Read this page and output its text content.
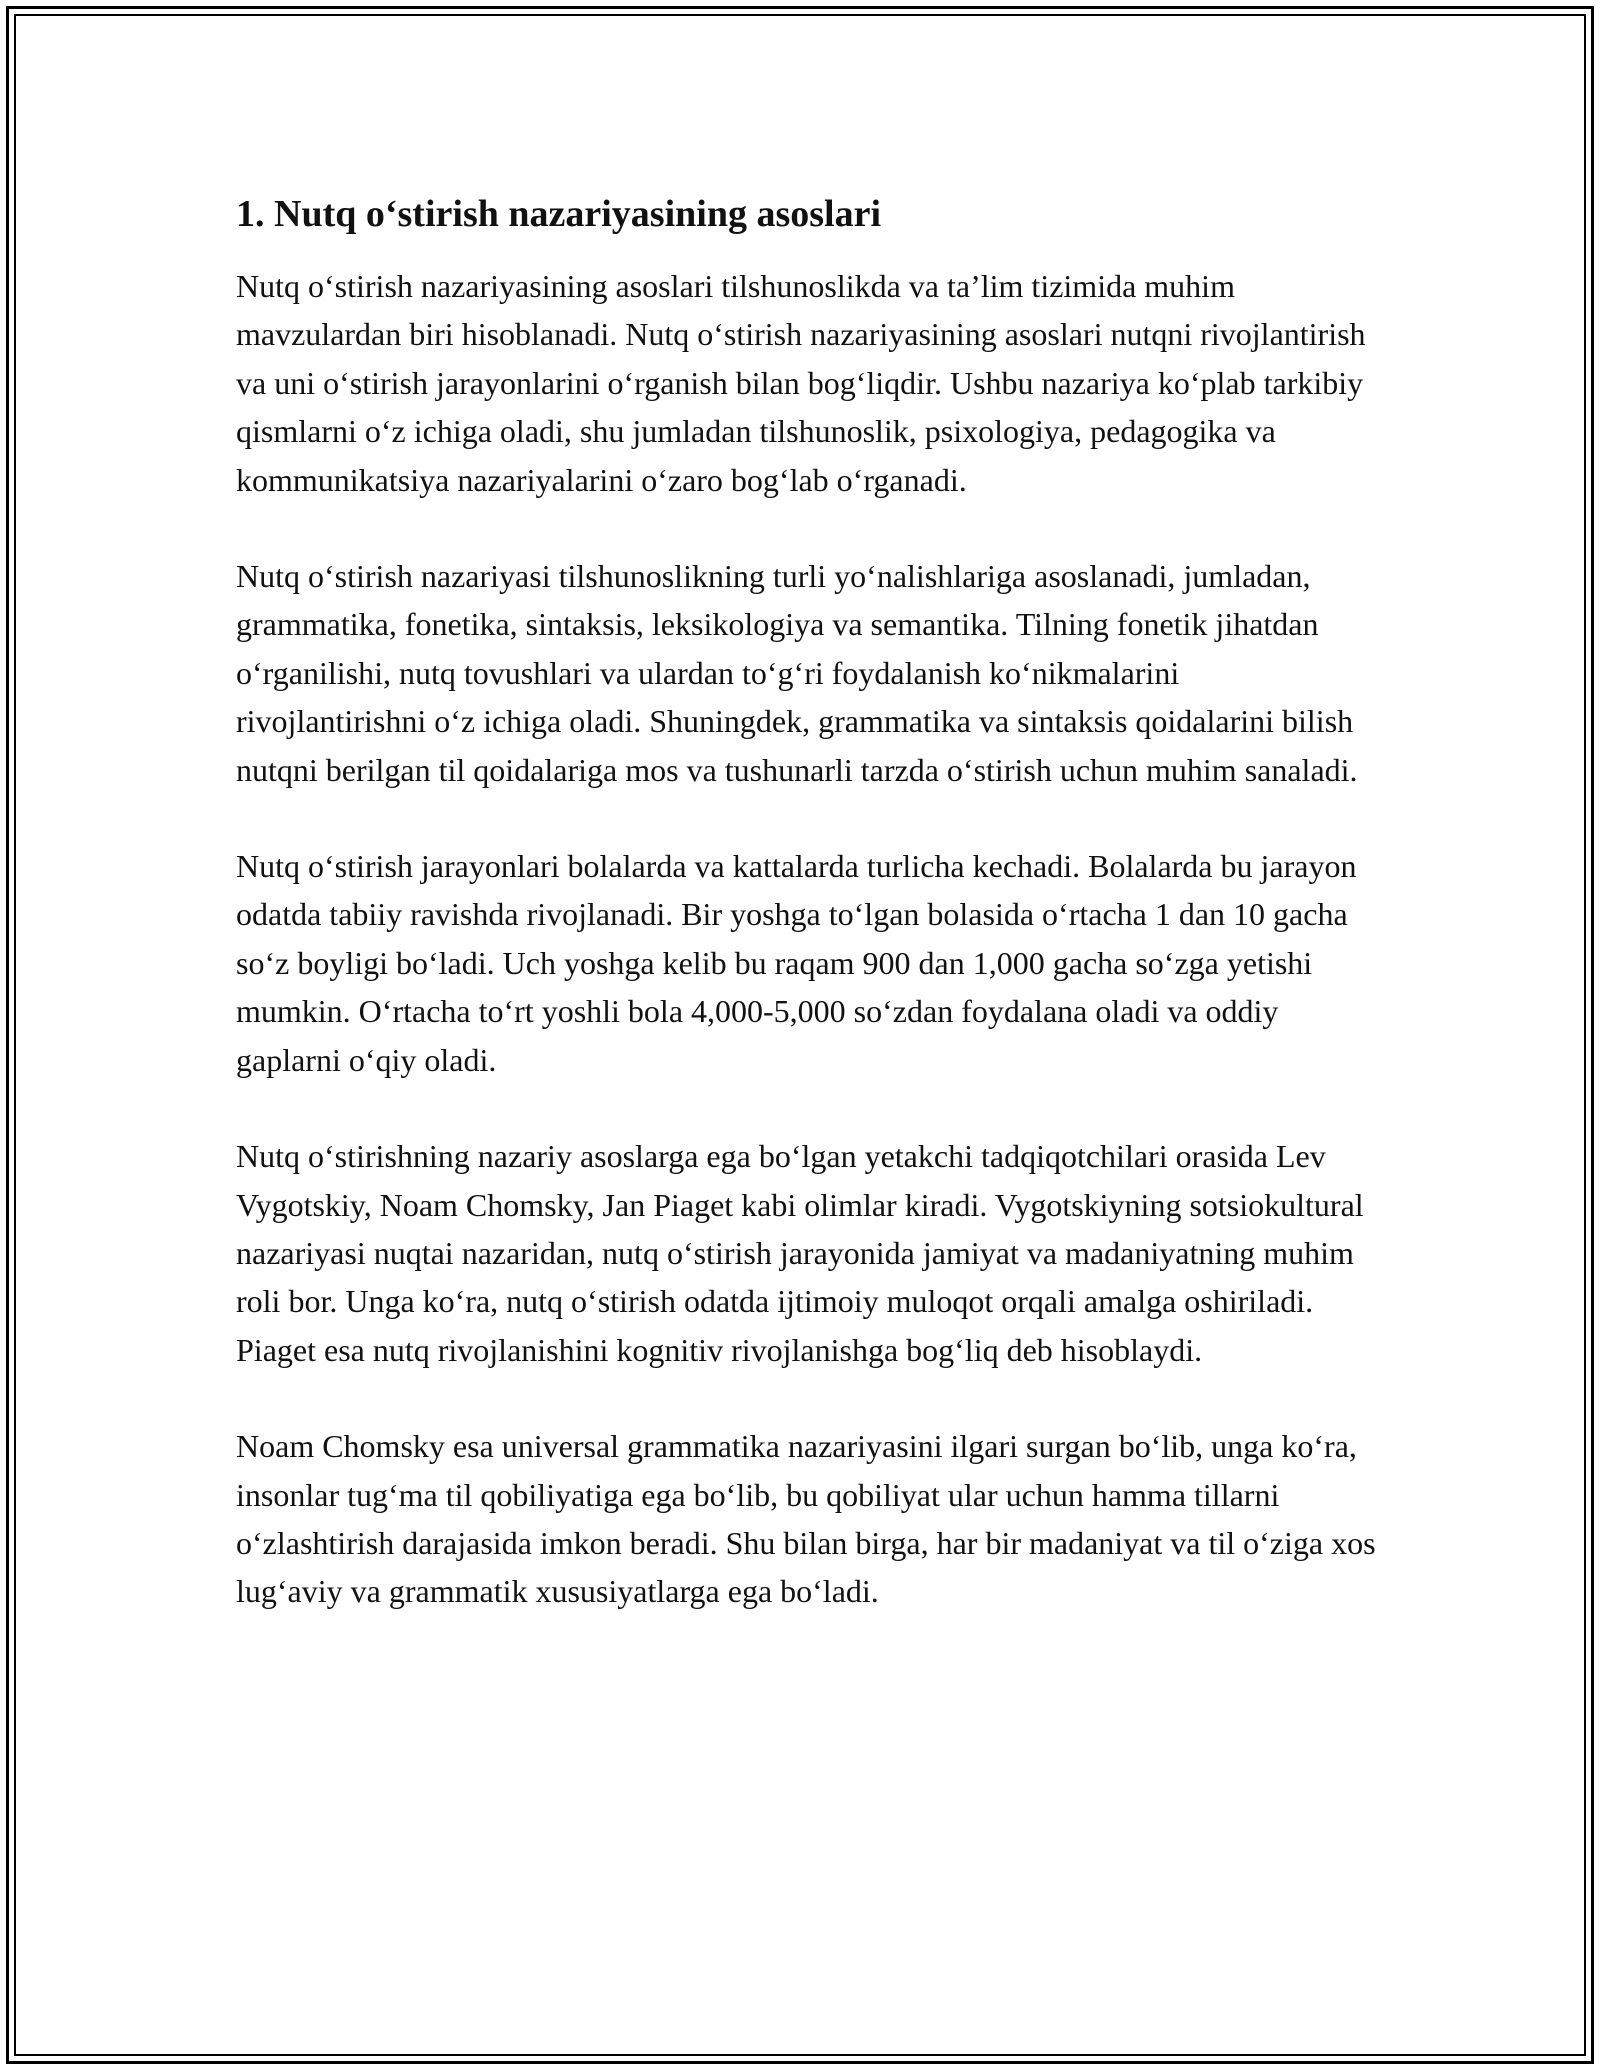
1. Nutq o‘stirish nazariyasining asoslari

Nutq o‘stirish nazariyasining asoslari tilshunoslikda va ta’lim tizimida muhim mavzulardan biri hisoblanadi. Nutq o‘stirish nazariyasining asoslari nutqni rivojlantirish va uni o‘stirish jarayonlarini o‘rganish bilan bog‘liqdir. Ushbu nazariya ko‘plab tarkibiy qismlarni o‘z ichiga oladi, shu jumladan tilshunoslik, psixologiya, pedagogika va kommunikatsiya nazariyalarini o‘zaro bog‘lab o‘rganadi.

Nutq o‘stirish nazariyasi tilshunoslikning turli yo‘nalishlariga asoslanadi, jumladan, grammatika, fonetika, sintaksis, leksikologiya va semantika. Tilning fonetik jihatdan o‘rganilishi, nutq tovushlari va ulardan to‘g‘ri foydalanish ko‘nikmalarini rivojlantirishni o‘z ichiga oladi. Shuningdek, grammatika va sintaksis qoidalarini bilish nutqni berilgan til qoidalariga mos va tushunarli tarzda o‘stirish uchun muhim sanaladi.

Nutq o‘stirish jarayonlari bolalarda va kattalarda turlicha kechadi. Bolalarda bu jarayon odatda tabiiy ravishda rivojlanadi. Bir yoshga to‘lgan bolasida o‘rtacha 1 dan 10 gacha so‘z boyligi bo‘ladi. Uch yoshga kelib bu raqam 900 dan 1,000 gacha so‘zga yetishi mumkin. O‘rtacha to‘rt yoshli bola 4,000-5,000 so‘zdan foydalana oladi va oddiy gaplarni o‘qiy oladi.

Nutq o‘stirishning nazariy asoslarga ega bo‘lgan yetakchi tadqiqotchilari orasida Lev Vygotskiy, Noam Chomsky, Jan Piaget kabi olimlar kiradi. Vygotskiyning sotsiokultural nazariyasi nuqtai nazaridan, nutq o‘stirish jarayonida jamiyat va madaniyatning muhim roli bor. Unga ko‘ra, nutq o‘stirish odatda ijtimoiy muloqot orqali amalga oshiriladi. Piaget esa nutq rivojlanishini kognitiv rivojlanishga bog‘liq deb hisoblaydi.

Noam Chomsky esa universal grammatika nazariyasini ilgari surgan bo‘lib, unga ko‘ra, insonlar tug‘ma til qobiliyatiga ega bo‘lib, bu qobiliyat ular uchun hamma tillarni o‘zlashtirish darajasida imkon beradi. Shu bilan birga, har bir madaniyat va til o‘ziga xos lug‘aviy va grammatik xususiyatlarga ega bo‘ladi.
